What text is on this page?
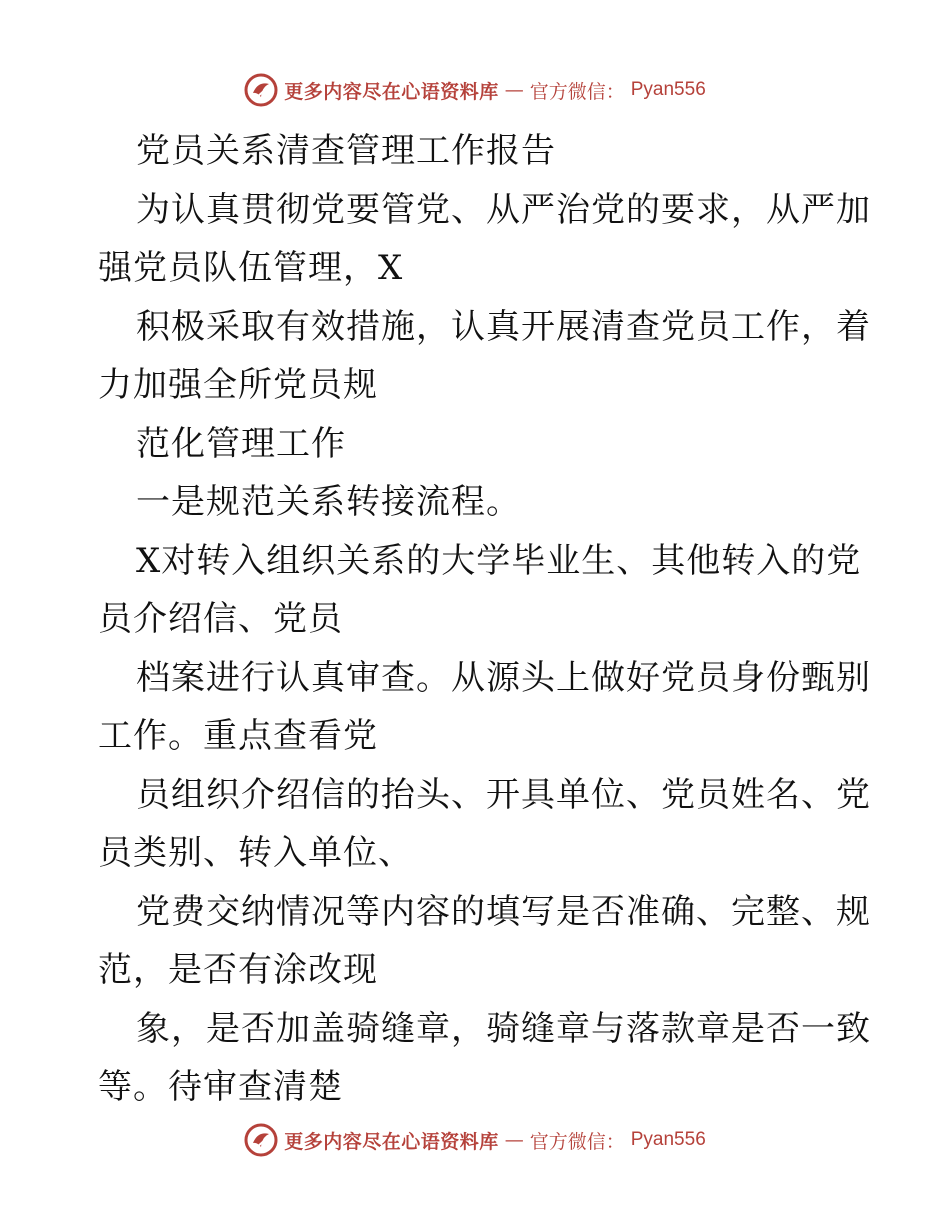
更多内容尽在心语资料库 — 官方微信： Pyan556
党员关系清查管理工作报告
为认真贯彻党要管党、从严治党的要求，从严加
强党员队伍管理，X
积极采取有效措施，认真开展清查党员工作，着
力加强全所党员规
范化管理工作
一是规范关系转接流程。
X对转入组织关系的大学毕业生、其他转入的党
员介绍信、党员
档案进行认真审查。从源头上做好党员身份甄别
工作。重点查看党
员组织介绍信的抬头、开具单位、党员姓名、党
员类别、转入单位、
党费交纳情况等内容的填写是否准确、完整、规
范，是否有涂改现
象，是否加盖骑缝章，骑缝章与落款章是否一致
等。待审查清楚
更多内容尽在心语资料库 — 官方微信： Pyan556
